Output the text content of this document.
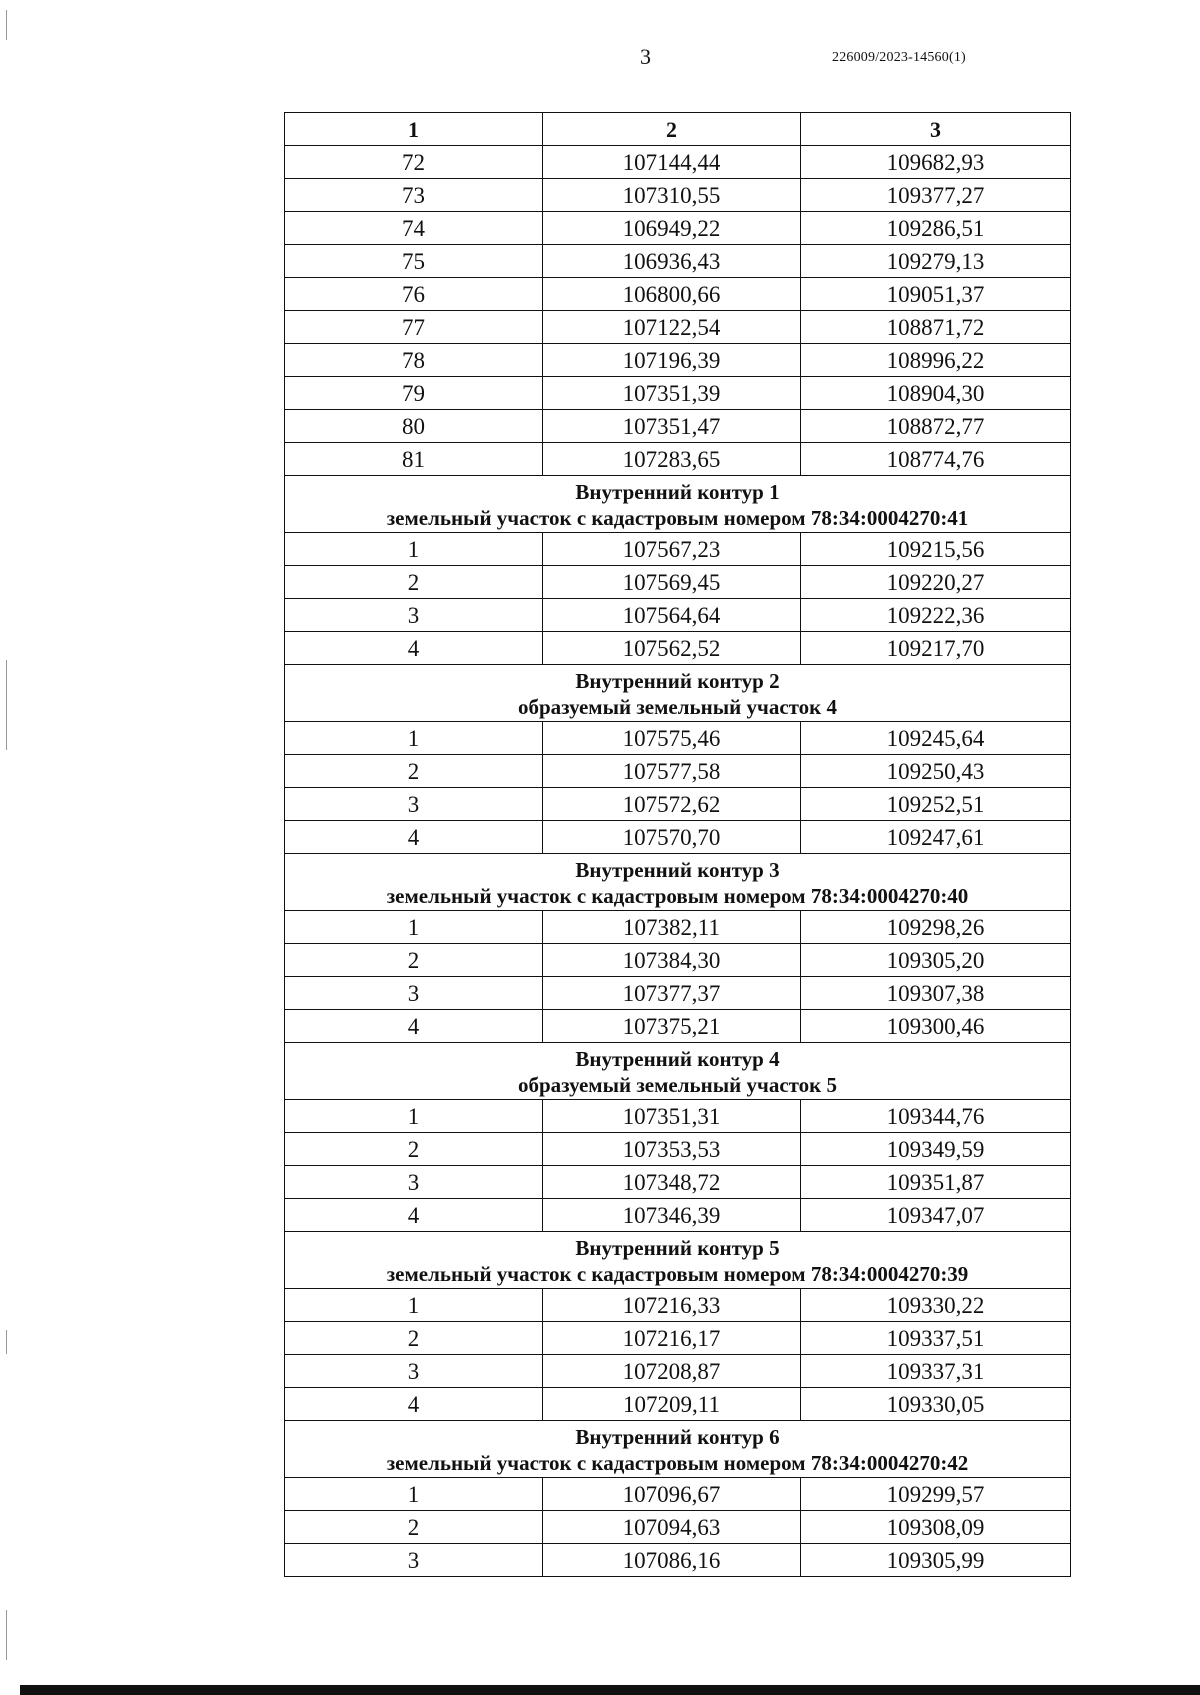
3	226009/2023-14560(1)
1	2	3
72	107144,44	109682,93
73	107310,55	109377,27
74	106949,22	109286,51
75	106936,43	109279,13
76	106800,66	109051,37
77	107122,54	108871,72
78	107196,39	108996,22
79	107351,39	108904,30
80	107351,47	108872,77
81	107283,65	108774,76

Внутренний контур 1
земельный участок с кадастровым номером 78:34:0004270:41		

1	107567,23	109215,56
2	107569,45	109220,27
3	107564,64	109222,36
4	107562,52	109217,70

Внутренний контур 2
образуемый земельный участок 4		

1	107575,46	109245,64
2	107577,58	109250,43
3	107572,62	109252,51
4	107570,70	109247,61

Внутренний контур 3
земельный участок с кадастровым номером 78:34:0004270:40		

1	107382,11	109298,26
2	107384,30	109305,20
3	107377,37	109307,38
4	107375,21	109300,46

Внутренний контур 4
образуемый земельный участок 5		

1	107351,31	109344,76
2	107353,53	109349,59
3	107348,72	109351,87
4	107346,39	109347,07

Внутренний контур 5
земельный участок с кадастровым номером 78:34:0004270:39		

1	107216,33	109330,22
2	107216,17	109337,51
3	107208,87	109337,31
4	107209,11	109330,05

Внутренний контур 6
земельный участок с кадастровым номером 78:34:0004270:42		

1	107096,67	109299,57
2	107094,63	109308,09
3	107086,16	109305,99
